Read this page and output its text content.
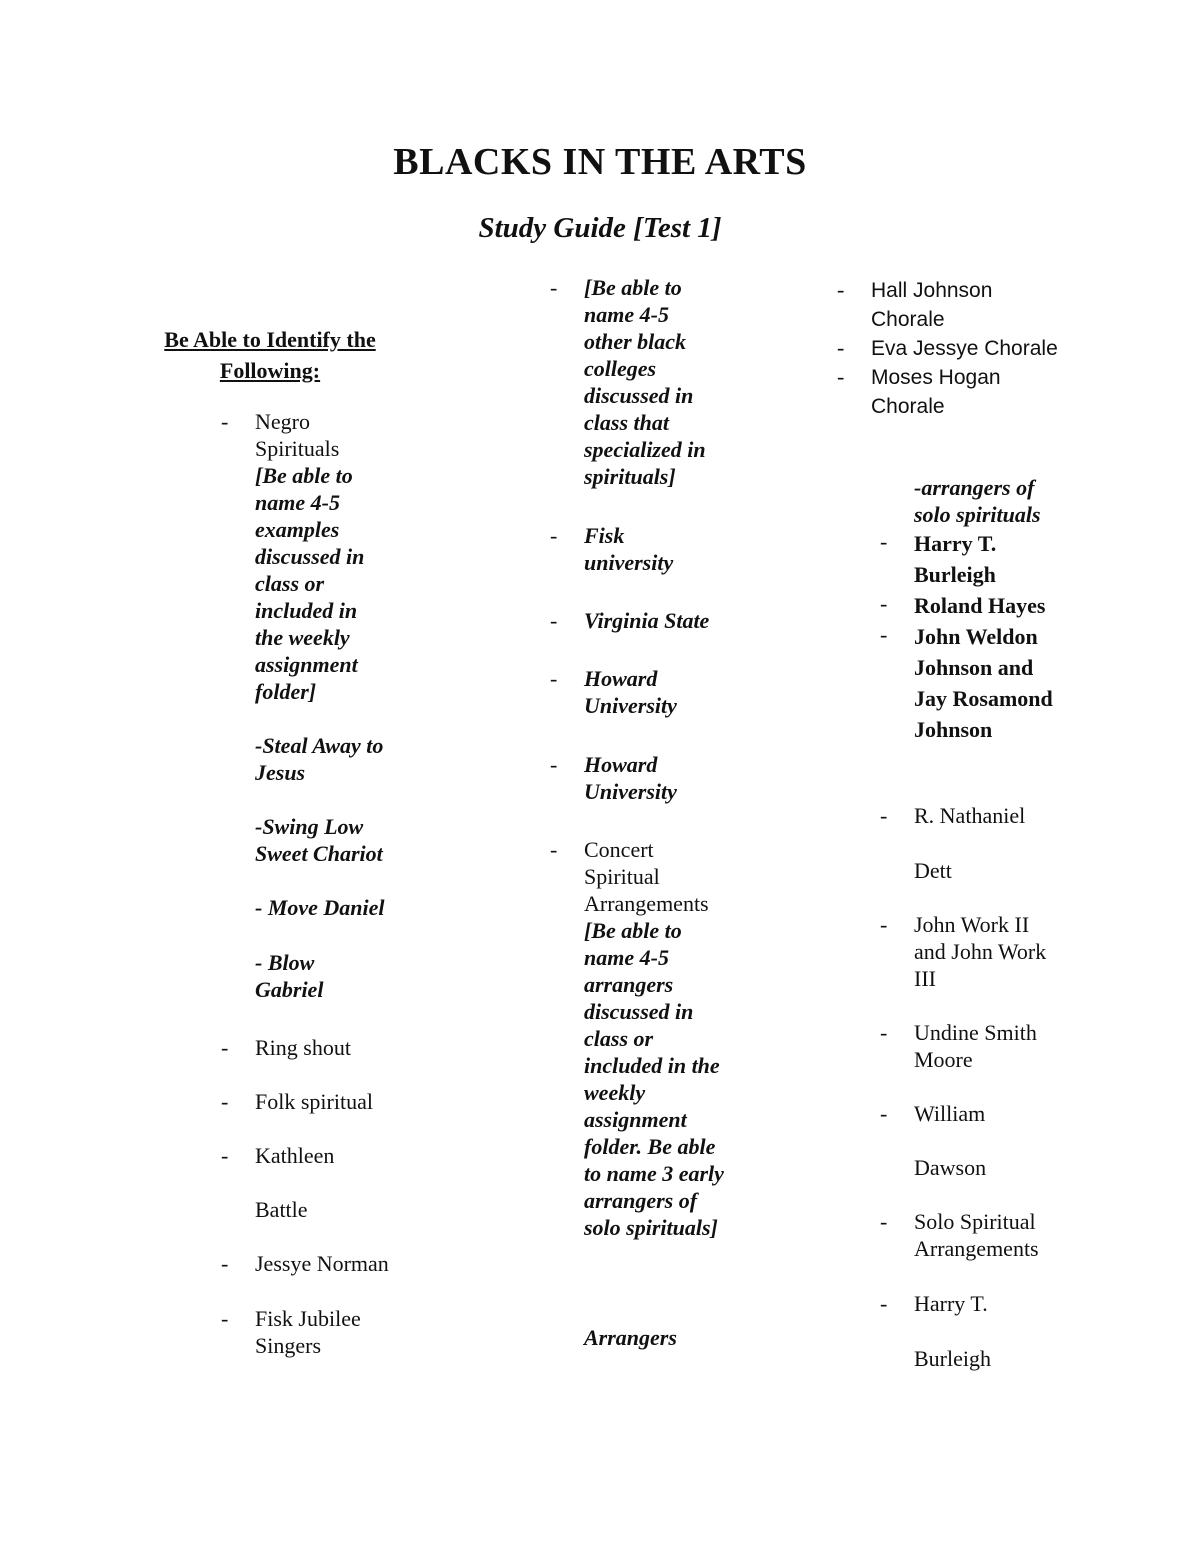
BLACKS IN THE ARTS
Study Guide [Test 1]
Be Able to Identify the
Following:
- Negro Spirituals
[Be able to name 4-5 examples discussed in class or included in the weekly assignment folder]
-Steal Away to Jesus
-Swing Low Sweet Chariot
- Move Daniel
- Blow Gabriel
- Ring shout
- Folk spiritual
- Kathleen
Battle
- Jessye Norman
- Fisk Jubilee Singers
- [Be able to name 4-5 other black colleges discussed in class that specialized in spirituals]
- Fisk university
- Virginia State
- Howard University
- Howard University
- Concert Spiritual Arrangements
[Be able to name 4-5 arrangers discussed in class or included in the weekly assignment folder. Be able to name 3 early arrangers of solo spirituals]
Arrangers
- Hall Johnson
Chorale
- Eva Jessye Chorale
- Moses Hogan
Chorale
-arrangers of solo spirituals
- Harry T. Burleigh
- Roland Hayes
- John Weldon Johnson and Jay Rosamond Johnson
- R. Nathaniel
Dett
- John Work II and John Work III
- Undine Smith Moore
- William
Dawson
- Solo Spiritual Arrangements
- Harry T.
Burleigh
